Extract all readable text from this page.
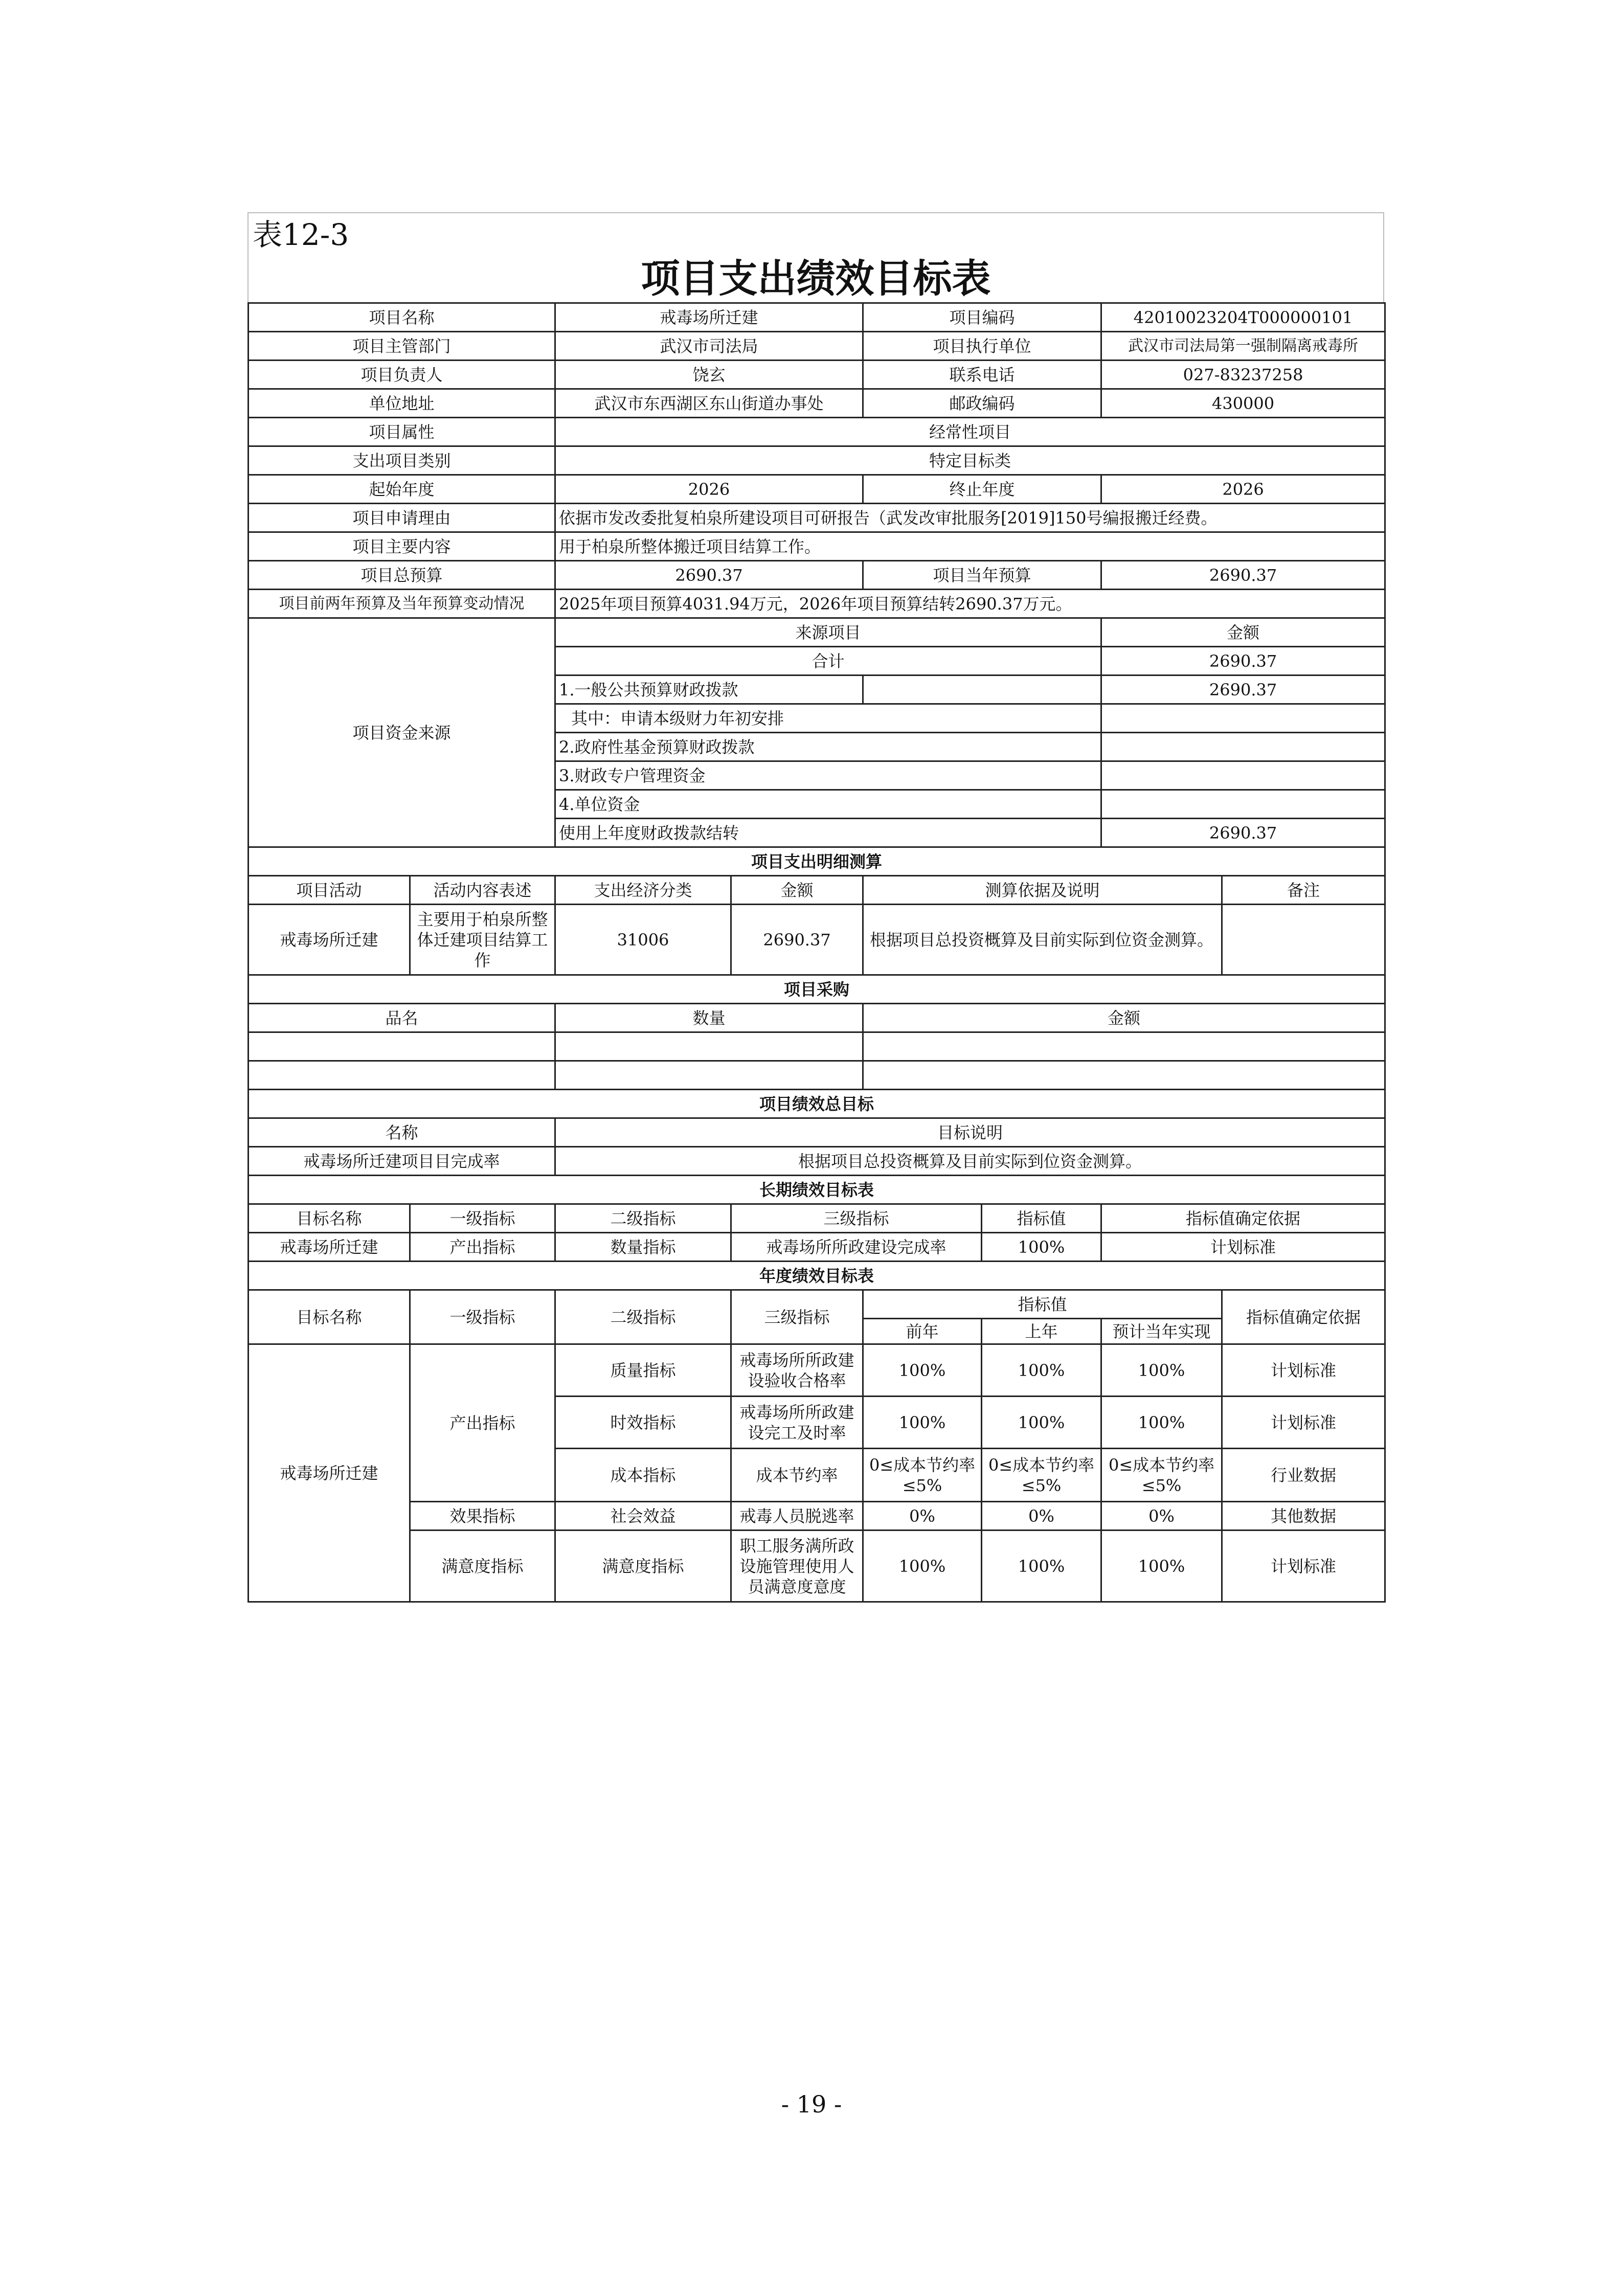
表12-3
项目支出绩效目标表
项目名称		戒毒场所迁建		项目编码		42010023204T000000101	
项目主管部门		武汉市司法局		项目执行单位		武汉市司法局第一强制隔离戒毒所	
项目负责人		饶玄		联系电话		027-83237258	
单位地址		武汉市东西湖区东山街道办事处		邮政编码		430000	
项目属性		经常性项目					
支出项目类别		特定目标类					
起始年度		2026		终止年度		2026	
项目申请理由		依据市发改委批复柏泉所建设项目可研报告（武发改审批服务[2019]150号编报搬迁经费。					
项目主要内容		用于柏泉所整体搬迁项目结算工作。					
项目总预算		2690.37		项目当年预算		2690.37	
项目前两年预算及当年预算变动情况		2025年项目预算4031.94万元，2026年项目预算结转2690.37万元。					
项目资金来源		来源项目				金额	
		合计				2690.37	
		1.一般公共预算财政拨款				2690.37	
		其中：申请本级财力年初安排					
		2.政府性基金预算财政拨款					
		3.财政专户管理资金					
		4.单位资金					
		使用上年度财政拨款结转				2690.37	
项目支出明细测算							
项目活动	活动内容表述	支出经济分类	金额	测算依据及说明			备注
戒毒场所迁建	主要用于柏泉所整体迁建项目结算工作	31006	2690.37	根据项目总投资概算及目前实际到位资金测算。			
项目采购							
品名		数量		金额			

项目绩效总目标							
名称		目标说明					
戒毒场所迁建项目目完成率		根据项目总投资概算及目前实际到位资金测算。					
长期绩效目标表							
目标名称	一级指标	二级指标	三级指标		指标值	指标值确定依据	
戒毒场所迁建	产出指标	数量指标	戒毒场所所政建设完成率		100%	计划标准	
年度绩效目标表							
目标名称	一级指标	二级指标	三级指标	指标值			指标值确定依据
				前年	上年	预计当年实现	
戒毒场所迁建	产出指标	质量指标	戒毒场所所政建设验收合格率	100%	100%	100%	计划标准
		时效指标	戒毒场所所政建设完工及时率	100%	100%	100%	计划标准
		成本指标	成本节约率	0≤成本节约率≤5%	0≤成本节约率≤5%	0≤成本节约率≤5%	行业数据
	效果指标	社会效益	戒毒人员脱逃率	0%	0%	0%	其他数据
	满意度指标	满意度指标	职工服务满所政设施管理使用人员满意度意度	100%	100%	100%	计划标准
- 19 -
